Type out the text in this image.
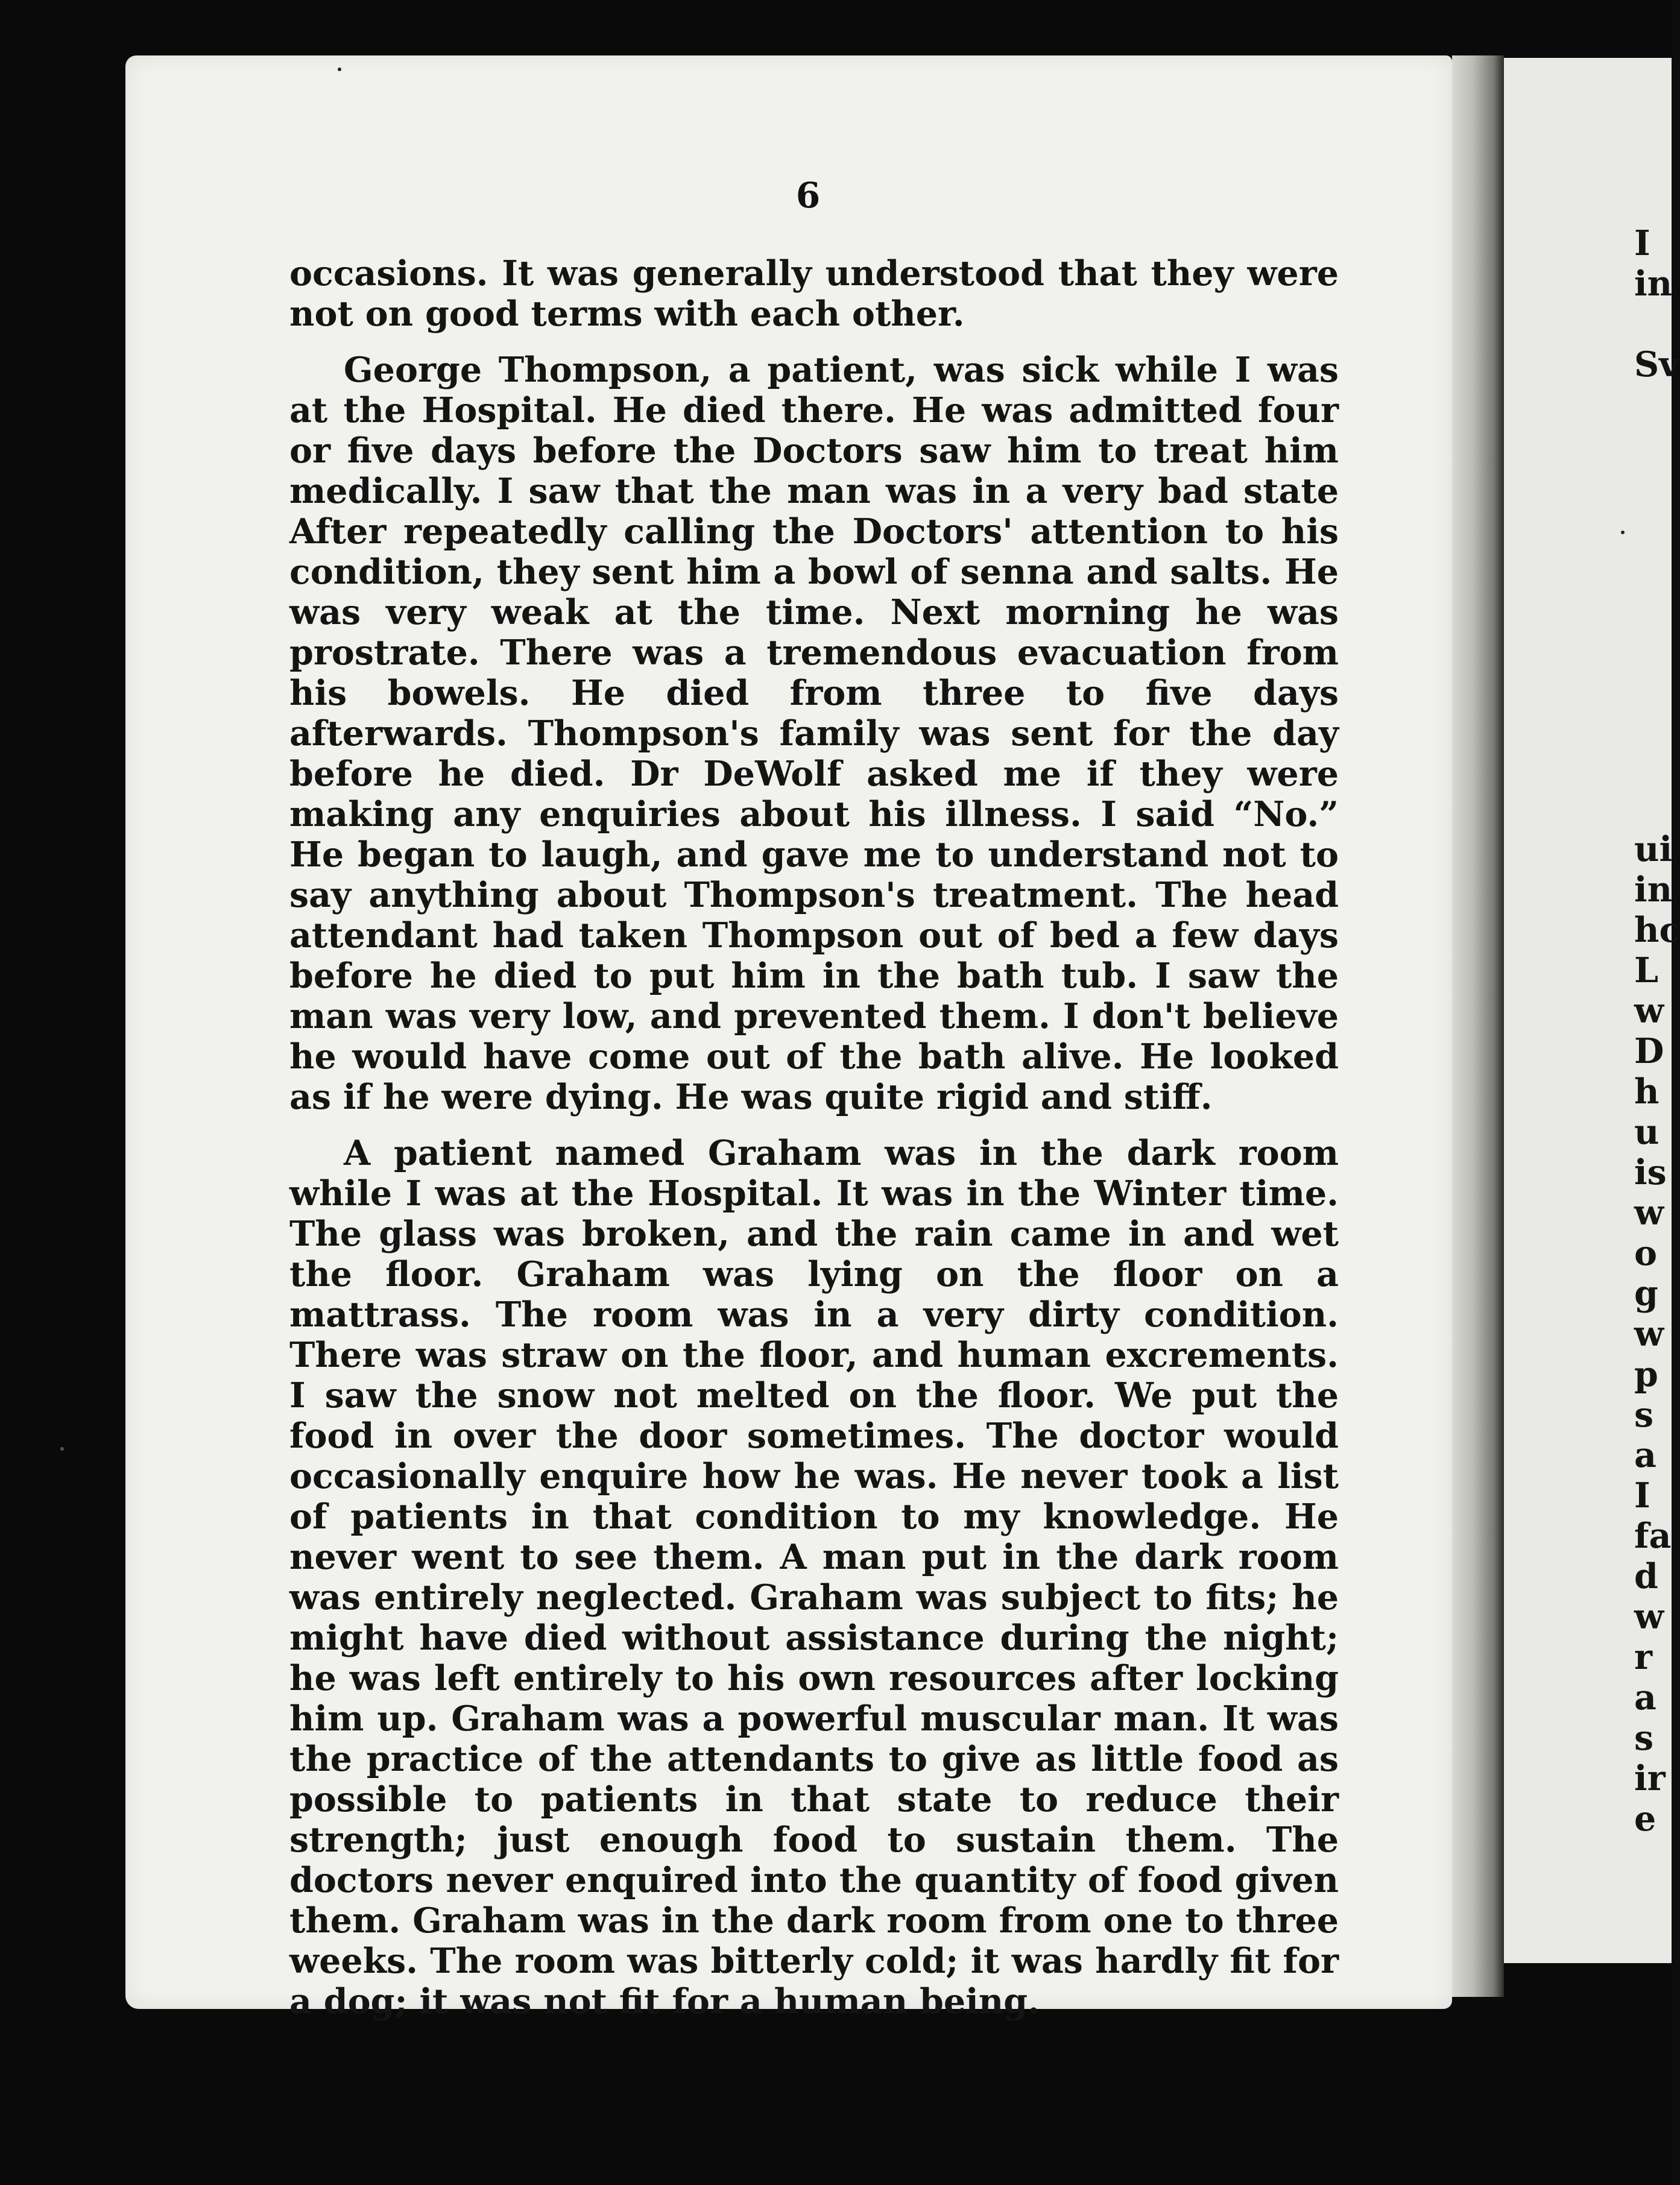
6

occasions. It was generally understood that they were not on good terms with each other.

George Thompson, a patient, was sick while I was at the Hospital. He died there. He was admitted four or five days before the Doctors saw him to treat him medically. I saw that the man was in a very bad state After repeatedly calling the Doctors' attention to his condition, they sent him a bowl of senna and salts. He was very weak at the time. Next morning he was prostrate. There was a tremendous evacuation from his bowels. He died from three to five days afterwards. Thompson's family was sent for the day before he died. Dr DeWolf asked me if they were making any enquiries about his illness. I said “No.” He began to laugh, and gave me to understand not to say anything about Thompson's treatment. The head attendant had taken Thompson out of bed a few days before he died to put him in the bath tub. I saw the man was very low, and prevented them. I don't believe he would have come out of the bath alive. He looked as if he were dying. He was quite rigid and stiff.

A patient named Graham was in the dark room while I was at the Hospital. It was in the Winter time. The glass was broken, and the rain came in and wet the floor. Graham was lying on the floor on a mattrass. The room was in a very dirty condition. There was straw on the floor, and human excrements. I saw the snow not melted on the floor. We put the food in over the door sometimes. The doctor would occasionally enquire how he was. He never took a list of patients in that condition to my knowledge. He never went to see them. A man put in the dark room was entirely neglected. Graham was subject to fits; he might have died without assistance during the night; he was left entirely to his own resources after locking him up. Graham was a powerful muscular man. It was the practice of the attendants to give as little food as possible to patients in that state to reduce their strength; just enough food to sustain them. The doctors never enquired into the quantity of food given them. Graham was in the dark room from one to three weeks. The room was bitterly cold; it was hardly fit for a dog; it was not fit for a human being.

I
in
Sv
ui
in
hc
L
w
D
h
u
is
w
o
g
w
p
s
a
I
fa
d
w
r
a
s
ir
e
